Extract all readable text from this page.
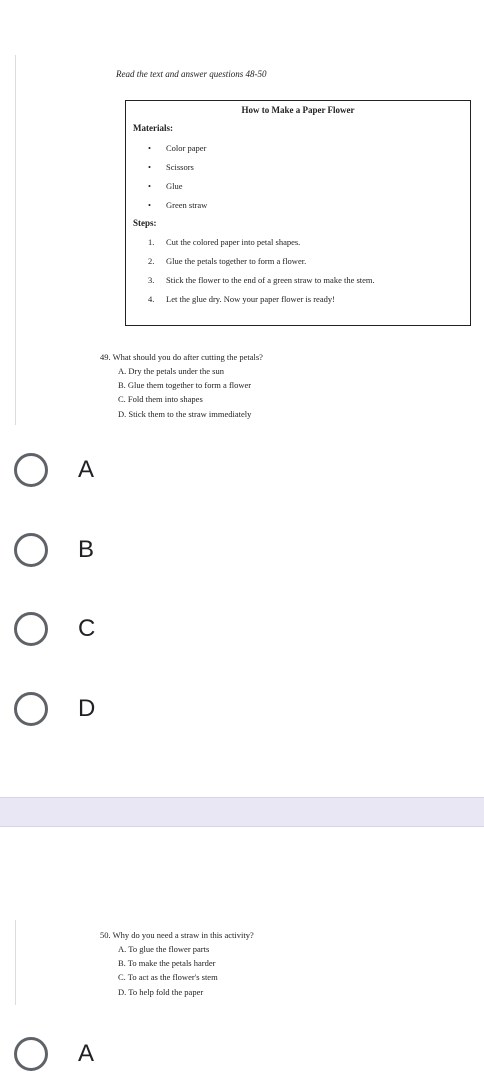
Read the text and answer questions 48-50
How to Make a Paper Flower
Materials:
• Color paper
• Scissors
• Glue
• Green straw
Steps:
1. Cut the colored paper into petal shapes.
2. Glue the petals together to form a flower.
3. Stick the flower to the end of a green straw to make the stem.
4. Let the glue dry. Now your paper flower is ready!
49. What should you do after cutting the petals?
A. Dry the petals under the sun
B. Glue them together to form a flower
C. Fold them into shapes
D. Stick them to the straw immediately
A
B
C
D
50. Why do you need a straw in this activity?
A. To glue the flower parts
B. To make the petals harder
C. To act as the flower's stem
D. To help fold the paper
A
